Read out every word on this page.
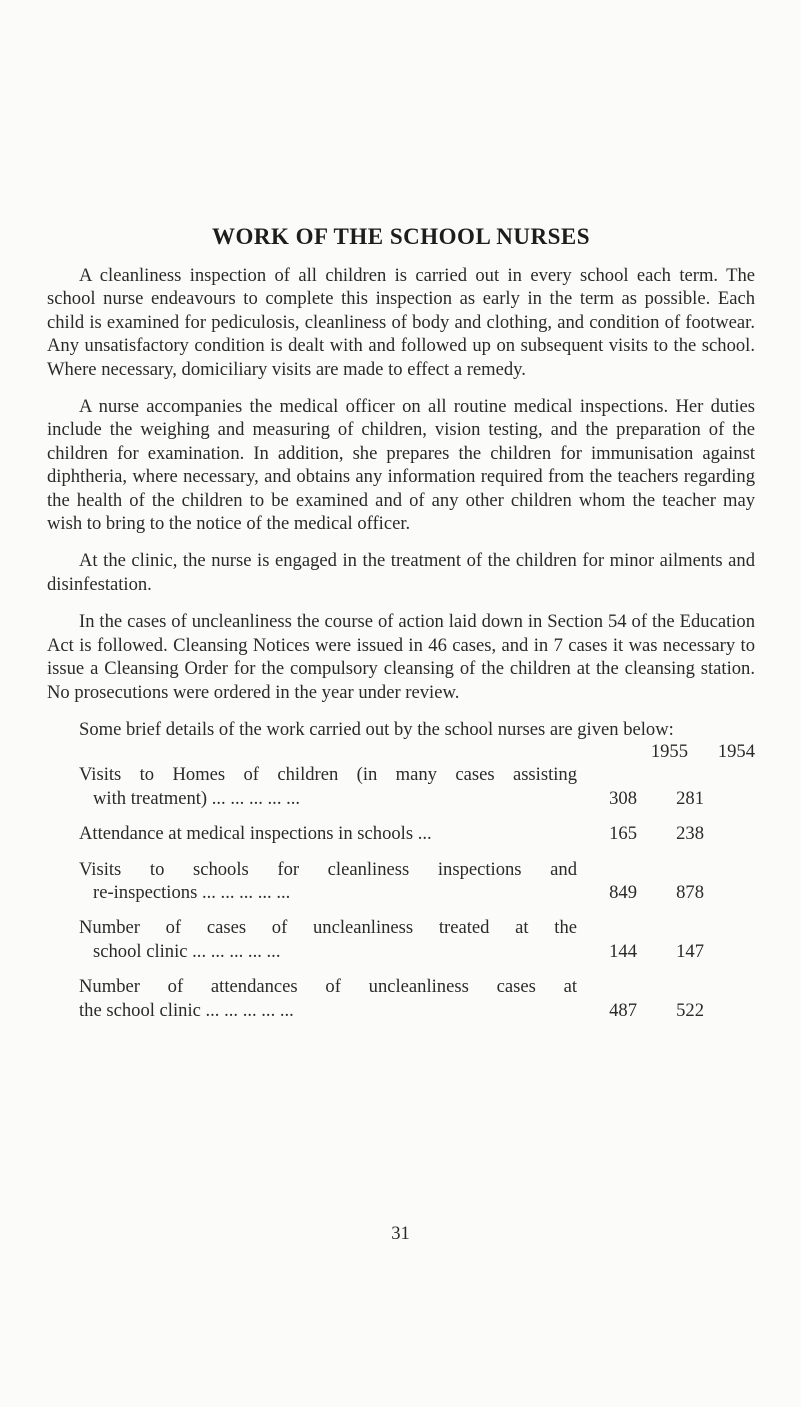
WORK OF THE SCHOOL NURSES

A cleanliness inspection of all children is carried out in every school each term. The school nurse endeavours to complete this inspection as early in the term as possible. Each child is examined for pediculosis, cleanliness of body and clothing, and condition of footwear. Any unsatisfactory condition is dealt with and followed up on subsequent visits to the school. Where necessary, domiciliary visits are made to effect a remedy.

A nurse accompanies the medical officer on all routine medical inspections. Her duties include the weighing and measuring of children, vision testing, and the preparation of the children for examination. In addition, she prepares the children for immunisation against diphtheria, where necessary, and obtains any information required from the teachers regarding the health of the children to be examined and of any other children whom the teacher may wish to bring to the notice of the medical officer.

At the clinic, the nurse is engaged in the treatment of the children for minor ailments and disinfestation.

In the cases of uncleanliness the course of action laid down in Section 54 of the Education Act is followed. Cleansing Notices were issued in 46 cases, and in 7 cases it was necessary to issue a Cleansing Order for the compulsory cleansing of the children at the cleansing station. No prosecutions were ordered in the year under review.

Some brief details of the work carried out by the school nurses are given below:

1955	1954
Visits to Homes of children (in many cases assisting
with treatment) ... ... ... ... ...	308	281
Attendance at medical inspections in schools ...	165	238
Visits to schools for cleanliness inspections and
re-inspections ... ... ... ... ...	849	878
Number of cases of uncleanliness treated at the
school clinic ... ... ... ... ...	144	147
Number of attendances of uncleanliness cases at
the school clinic ... ... ... ... ...	487	522
31
